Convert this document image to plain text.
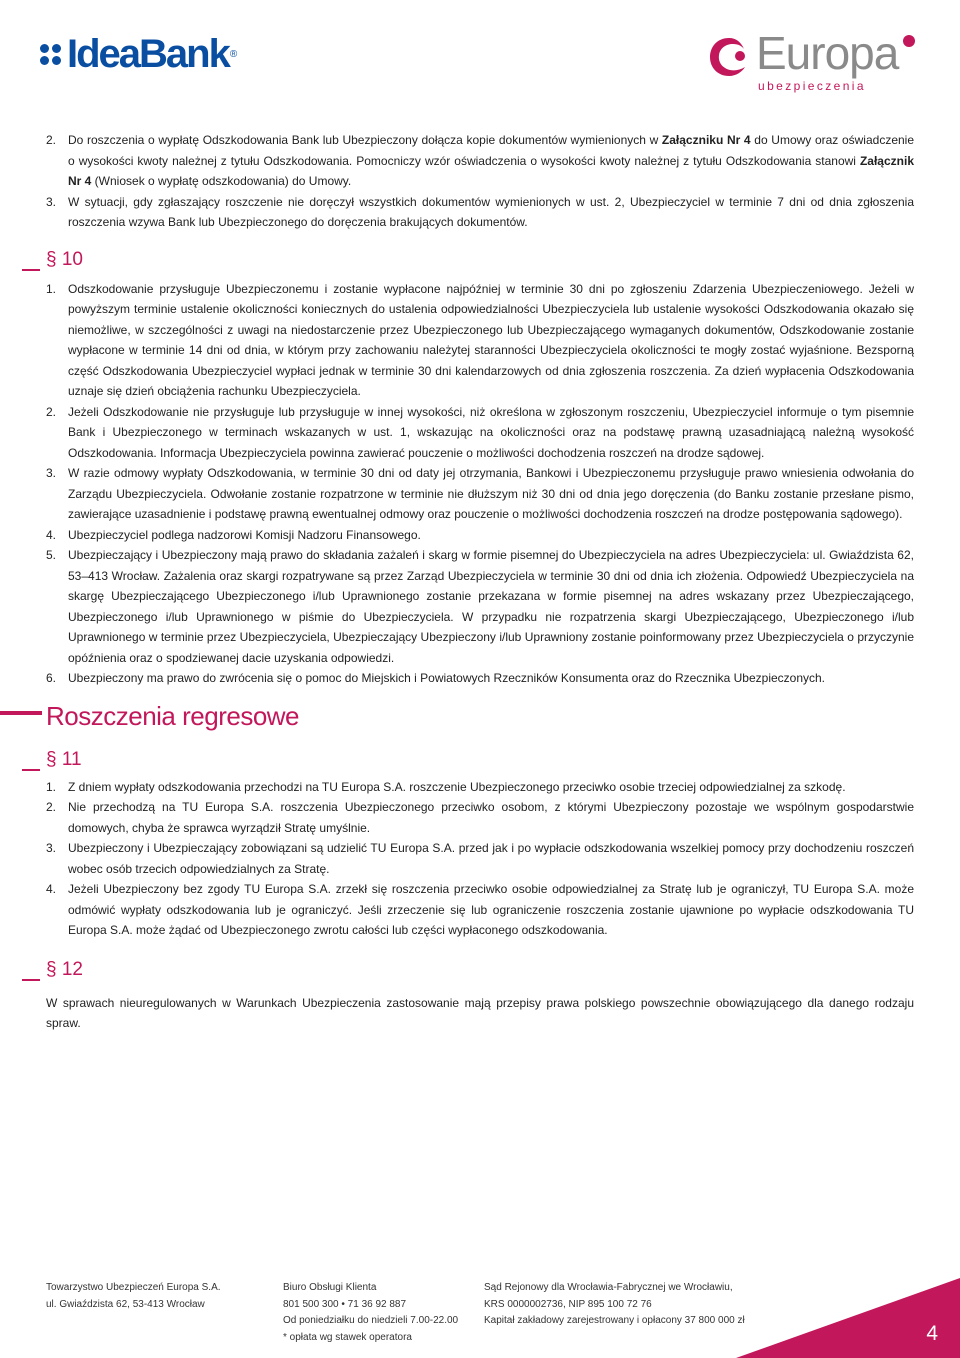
IdeaBank ®	Europa
ubezpieczenia
2. Do roszczenia o wypłatę Odszkodowania Bank lub Ubezpieczony dołącza kopie dokumentów wymienionych w Załączniku Nr 4 do Umowy oraz oświadczenie o wysokości kwoty należnej z tytułu Odszkodowania. Pomocniczy wzór oświadczenia o wysokości kwoty należnej z tytułu Odszkodowania stanowi Załącznik Nr 4 (Wniosek o wypłatę odszkodowania) do Umowy.
3. W sytuacji, gdy zgłaszający roszczenie nie doręczył wszystkich dokumentów wymienionych w ust. 2, Ubezpieczyciel w terminie 7 dni od dnia zgłoszenia roszczenia wzywa Bank lub Ubezpieczonego do doręczenia brakujących dokumentów.
§ 10
1. Odszkodowanie przysługuje Ubezpieczonemu i zostanie wypłacone najpóźniej w terminie 30 dni po zgłoszeniu Zdarzenia Ubezpieczeniowego. Jeżeli w powyższym terminie ustalenie okoliczności koniecznych do ustalenia odpowiedzialności Ubezpieczyciela lub ustalenie wysokości Odszkodowania okazało się niemożliwe, w szczególności z uwagi na niedostarczenie przez Ubezpieczonego lub Ubezpieczającego wymaganych dokumentów, Odszkodowanie zostanie wypłacone w terminie 14 dni od dnia, w którym przy zachowaniu należytej staranności Ubezpieczyciela okoliczności te mogły zostać wyjaśnione. Bezsporną część Odszkodowania Ubezpieczyciel wypłaci jednak w terminie 30 dni kalendarzowych od dnia zgłoszenia roszczenia. Za dzień wypłacenia Odszkodowania uznaje się dzień obciążenia rachunku Ubezpieczyciela.
2. Jeżeli Odszkodowanie nie przysługuje lub przysługuje w innej wysokości, niż określona w zgłoszonym roszczeniu, Ubezpieczyciel informuje o tym pisemnie Bank i Ubezpieczonego w terminach wskazanych w ust. 1, wskazując na okoliczności oraz na podstawę prawną uzasadniającą należną wysokość Odszkodowania. Informacja Ubezpieczyciela powinna zawierać pouczenie o możliwości dochodzenia roszczeń na drodze sądowej.
3. W razie odmowy wypłaty Odszkodowania, w terminie 30 dni od daty jej otrzymania, Bankowi i Ubezpieczonemu przysługuje prawo wniesienia odwołania do Zarządu Ubezpieczyciela. Odwołanie zostanie rozpatrzone w terminie nie dłuższym niż 30 dni od dnia jego doręczenia (do Banku zostanie przesłane pismo, zawierające uzasadnienie i podstawę prawną ewentualnej odmowy oraz pouczenie o możliwości dochodzenia roszczeń na drodze postępowania sądowego).
4. Ubezpieczyciel podlega nadzorowi Komisji Nadzoru Finansowego.
5. Ubezpieczający i Ubezpieczony mają prawo do składania zażaleń i skarg w formie pisemnej do Ubezpieczyciela na adres Ubezpieczyciela: ul. Gwiaździsta 62, 53–413 Wrocław. Zażalenia oraz skargi rozpatrywane są przez Zarząd Ubezpieczyciela w terminie 30 dni od dnia ich złożenia. Odpowiedź Ubezpieczyciela na skargę Ubezpieczającego Ubezpieczonego i/lub Uprawnionego zostanie przekazana w formie pisemnej na adres wskazany przez Ubezpieczającego, Ubezpieczonego i/lub Uprawnionego w piśmie do Ubezpieczyciela. W przypadku nie rozpatrzenia skargi Ubezpieczającego, Ubezpieczonego i/lub Uprawnionego w terminie przez Ubezpieczyciela, Ubezpieczający Ubezpieczony i/lub Uprawniony zostanie poinformowany przez Ubezpieczyciela o przyczynie opóźnienia oraz o spodziewanej dacie uzyskania odpowiedzi.
6. Ubezpieczony ma prawo do zwrócenia się o pomoc do Miejskich i Powiatowych Rzeczników Konsumenta oraz do Rzecznika Ubezpieczonych.
Roszczenia regresowe
§ 11
1. Z dniem wypłaty odszkodowania przechodzi na TU Europa S.A. roszczenie Ubezpieczonego przeciwko osobie trzeciej odpowiedzialnej za szkodę.
2. Nie przechodzą na TU Europa S.A. roszczenia Ubezpieczonego przeciwko osobom, z którymi Ubezpieczony pozostaje we wspólnym gospodarstwie domowych, chyba że sprawca wyrządził Stratę umyślnie.
3. Ubezpieczony i Ubezpieczający zobowiązani są udzielić TU Europa S.A. przed jak i po wypłacie odszkodowania wszelkiej pomocy przy dochodzeniu roszczeń wobec osób trzecich odpowiedzialnych za Stratę.
4. Jeżeli Ubezpieczony bez zgody TU Europa S.A. zrzekł się roszczenia przeciwko osobie odpowiedzialnej za Stratę lub je ograniczył, TU Europa S.A. może odmówić wypłaty odszkodowania lub je ograniczyć. Jeśli zrzeczenie się lub ograniczenie roszczenia zostanie ujawnione po wypłacie odszkodowania TU Europa S.A. może żądać od Ubezpieczonego zwrotu całości lub części wypłaconego odszkodowania.
§ 12
W sprawach nieuregulowanych w Warunkach Ubezpieczenia zastosowanie mają przepisy prawa polskiego powszechnie obowiązującego dla danego rodzaju spraw.
Towarzystwo Ubezpieczeń Europa S.A.
ul. Gwiaździsta 62, 53-413 Wrocław
Biuro Obsługi Klienta
801 500 300 • 71 36 92 887
Od poniedziałku do niedzieli 7.00-22.00
* opłata wg stawek operatora
Sąd Rejonowy dla Wrocławia-Fabrycznej we Wrocławiu,
KRS 0000002736, NIP 895 100 72 76
Kapitał zakładowy zarejestrowany i opłacony 37 800 000 zł
4
